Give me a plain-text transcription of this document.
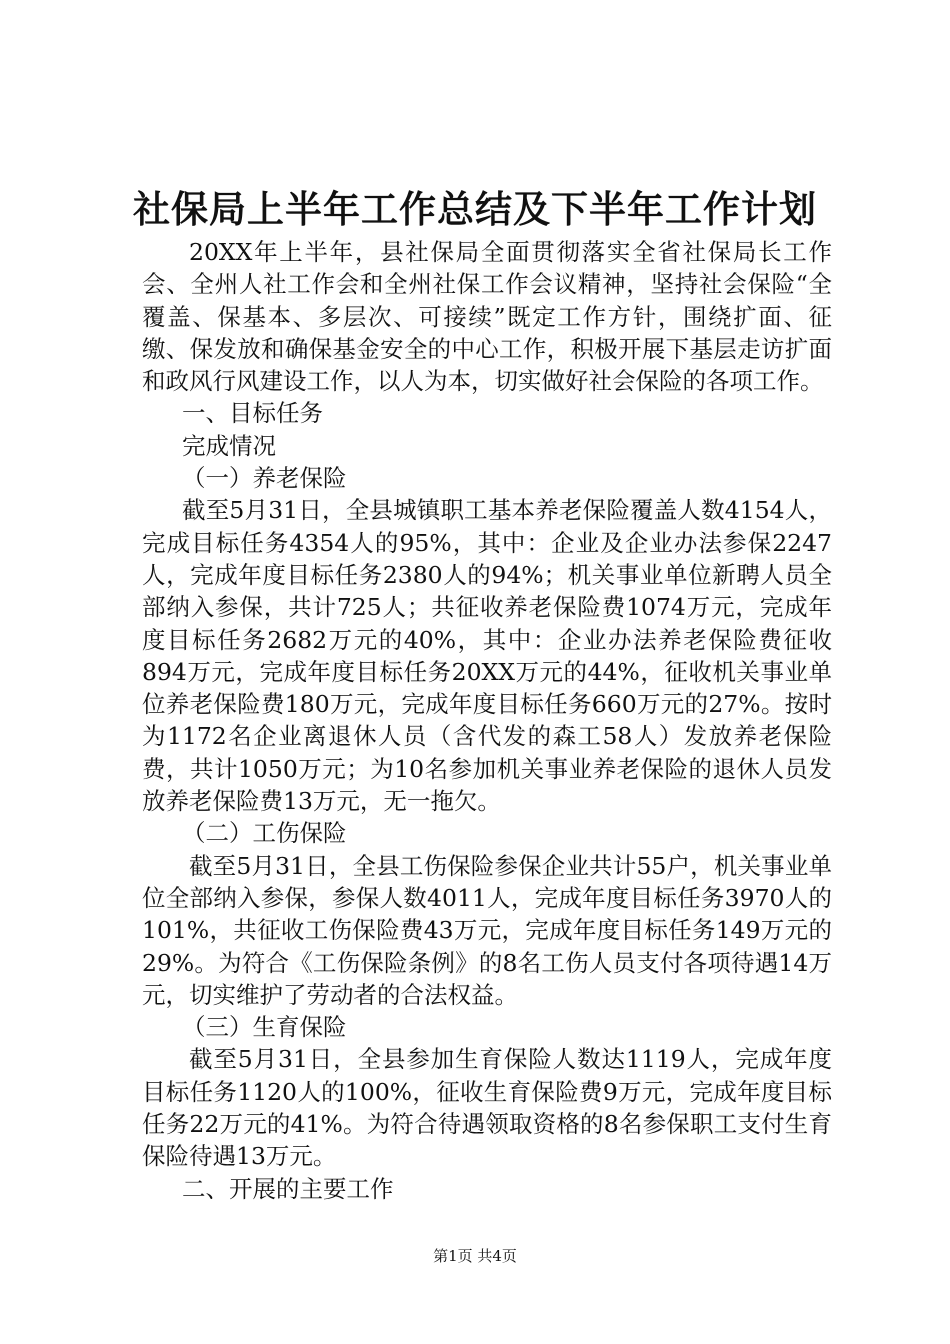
社保局上半年工作总结及下半年工作计划

20XX年上半年，县社保局全面贯彻落实全省社保局长工作会、全州人社工作会和全州社保工作会议精神，坚持社会保险“全覆盖、保基本、多层次、可接续”既定工作方针，围绕扩面、征缴、保发放和确保基金安全的中心工作，积极开展下基层走访扩面和政风行风建设工作，以人为本，切实做好社会保险的各项工作。

一、目标任务

完成情况

（一）养老保险

截至5月31日，全县城镇职工基本养老保险覆盖人数4154人，完成目标任务4354人的95%，其中：企业及企业办法参保2247人，完成年度目标任务2380人的94%；机关事业单位新聘人员全部纳入参保，共计725人；共征收养老保险费1074万元，完成年度目标任务2682万元的40%，其中：企业办法养老保险费征收894万元，完成年度目标任务20XX万元的44%，征收机关事业单位养老保险费180万元，完成年度目标任务660万元的27%。按时为1172名企业离退休人员（含代发的森工58人）发放养老保险费，共计1050万元；为10名参加机关事业养老保险的退休人员发放养老保险费13万元，无一拖欠。

（二）工伤保险

截至5月31日，全县工伤保险参保企业共计55户，机关事业单位全部纳入参保，参保人数4011人，完成年度目标任务3970人的101%，共征收工伤保险费43万元，完成年度目标任务149万元的29%。为符合《工伤保险条例》的8名工伤人员支付各项待遇14万元，切实维护了劳动者的合法权益。

（三）生育保险

截至5月31日，全县参加生育保险人数达1119人，完成年度目标任务1120人的100%，征收生育保险费9万元，完成年度目标任务22万元的41%。为符合待遇领取资格的8名参保职工支付生育保险待遇13万元。

二、开展的主要工作

第1页 共4页
